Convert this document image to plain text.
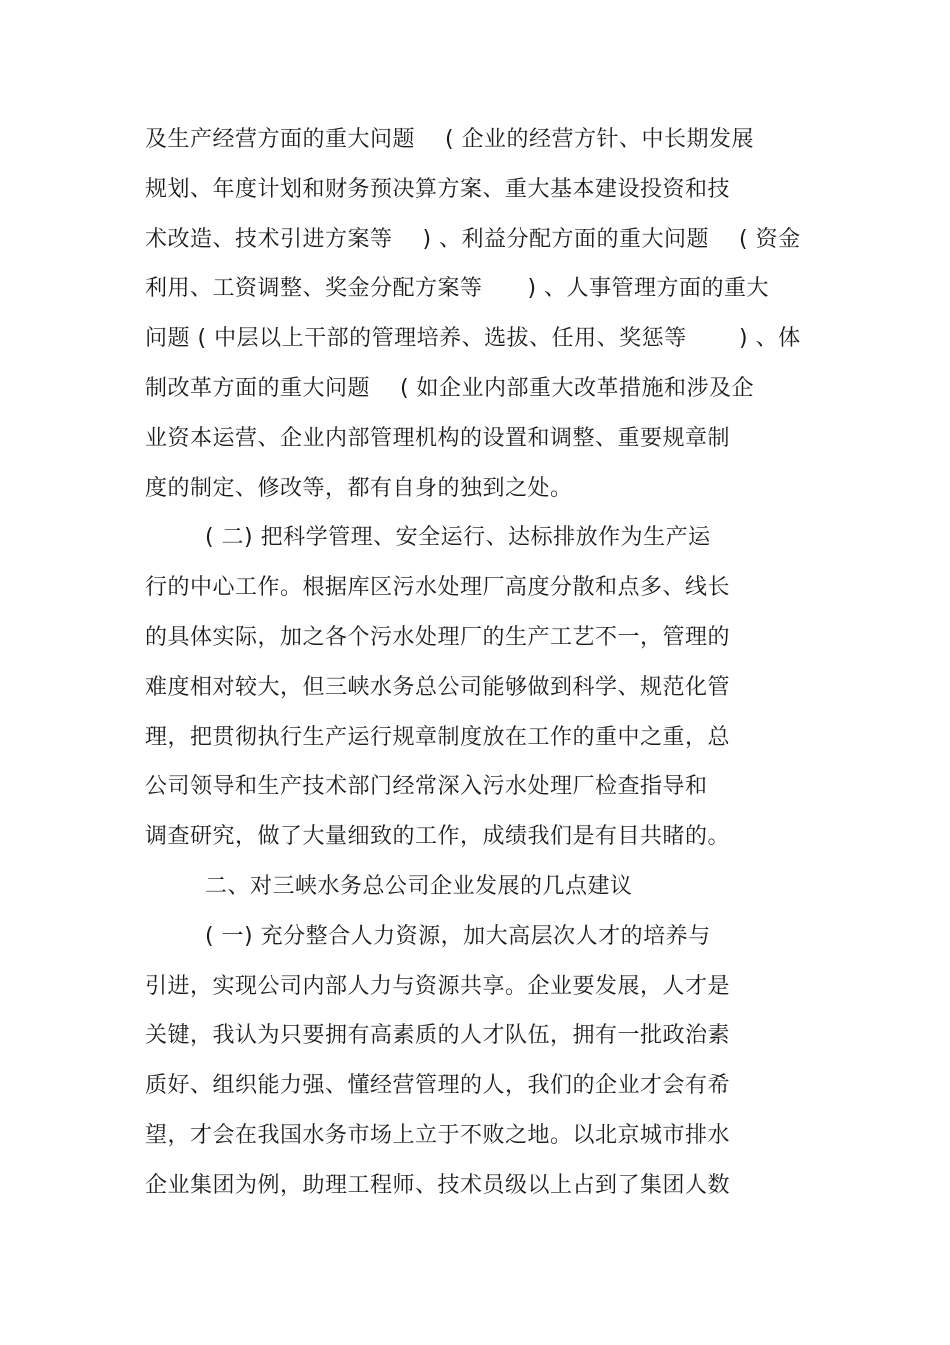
及生产经营方面的重大问题    ( 企业的经营方针、中长期发展
规划、年度计划和财务预决算方案、重大基本建设投资和技
术改造、技术引进方案等    ) 、利益分配方面的重大问题    ( 资金
利用、工资调整、奖金分配方案等      ) 、人事管理方面的重大
问题 ( 中层以上干部的管理培养、选拔、任用、奖惩等       ) 、体
制改革方面的重大问题    ( 如企业内部重大改革措施和涉及企
业资本运营、企业内部管理机构的设置和调整、重要规章制
度的制定、修改等，都有自身的独到之处。
( 二) 把科学管理、安全运行、达标排放作为生产运
行的中心工作。根据库区污水处理厂高度分散和点多、线长
的具体实际，加之各个污水处理厂的生产工艺不一，管理的
难度相对较大，但三峡水务总公司能够做到科学、规范化管
理，把贯彻执行生产运行规章制度放在工作的重中之重，总
公司领导和生产技术部门经常深入污水处理厂检查指导和
调查研究，做了大量细致的工作，成绩我们是有目共睹的。
二、对三峡水务总公司企业发展的几点建议
( 一) 充分整合人力资源，加大高层次人才的培养与
引进，实现公司内部人力与资源共享。企业要发展，人才是
关键，我认为只要拥有高素质的人才队伍，拥有一批政治素
质好、组织能力强、懂经营管理的人，我们的企业才会有希
望，才会在我国水务市场上立于不败之地。以北京城市排水
企业集团为例，助理工程师、技术员级以上占到了集团人数
